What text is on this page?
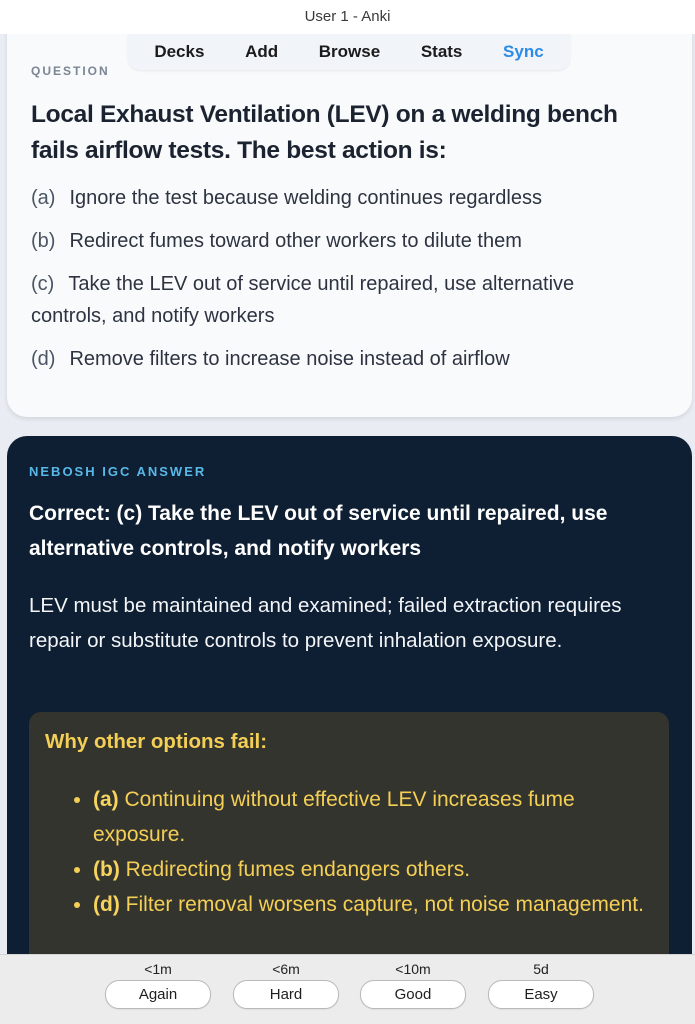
User 1 - Anki
Decks Add Browse Stats Sync
QUESTION
Local Exhaust Ventilation (LEV) on a welding bench fails airflow tests. The best action is:
(a) Ignore the test because welding continues regardless
(b) Redirect fumes toward other workers to dilute them
(c) Take the LEV out of service until repaired, use alternative controls, and notify workers
(d) Remove filters to increase noise instead of airflow
NEBOSH IGC ANSWER
Correct: (c) Take the LEV out of service until repaired, use alternative controls, and notify workers
LEV must be maintained and examined; failed extraction requires repair or substitute controls to prevent inhalation exposure.
Why other options fail:
• (a) Continuing without effective LEV increases fume exposure.
• (b) Redirecting fumes endangers others.
• (d) Filter removal worsens capture, not noise management.
<1m
Again
<6m
Hard
<10m
Good
5d
Easy
